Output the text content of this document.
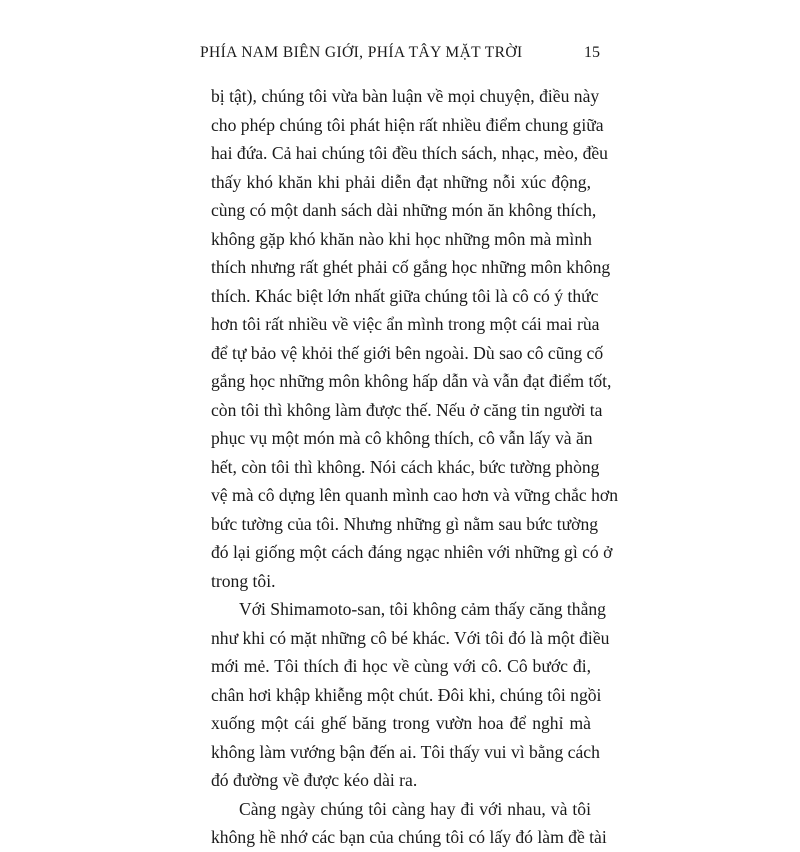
PHÍA NAM BIÊN GIỚI, PHÍA TÂY MẶT TRỜI	15

bị tật), chúng tôi vừa bàn luận về mọi chuyện, điều này
cho phép chúng tôi phát hiện rất nhiều điểm chung giữa
hai đứa. Cả hai chúng tôi đều thích sách, nhạc, mèo, đều
thấy khó khăn khi phải diễn đạt những nỗi xúc động,
cùng có một danh sách dài những món ăn không thích,
không gặp khó khăn nào khi học những môn mà mình
thích nhưng rất ghét phải cố gắng học những môn không
thích. Khác biệt lớn nhất giữa chúng tôi là cô có ý thức
hơn tôi rất nhiều về việc ẩn mình trong một cái mai rùa
để tự bảo vệ khỏi thế giới bên ngoài. Dù sao cô cũng cố
gắng học những môn không hấp dẫn và vẫn đạt điểm tốt,
còn tôi thì không làm được thế. Nếu ở căng tin người ta
phục vụ một món mà cô không thích, cô vẫn lấy và ăn
hết, còn tôi thì không. Nói cách khác, bức tường phòng
vệ mà cô dựng lên quanh mình cao hơn và vững chắc hơn
bức tường của tôi. Nhưng những gì nằm sau bức tường
đó lại giống một cách đáng ngạc nhiên với những gì có ở
trong tôi.

Với Shimamoto-san, tôi không cảm thấy căng thẳng
như khi có mặt những cô bé khác. Với tôi đó là một điều
mới mẻ. Tôi thích đi học về cùng với cô. Cô bước đi,
chân hơi khập khiễng một chút. Đôi khi, chúng tôi ngồi
xuống một cái ghế băng trong vườn hoa để nghỉ mà
không làm vướng bận đến ai. Tôi thấy vui vì bằng cách
đó đường về được kéo dài ra.

Càng ngày chúng tôi càng hay đi với nhau, và tôi
không hề nhớ các bạn của chúng tôi có lấy đó làm đề tài
